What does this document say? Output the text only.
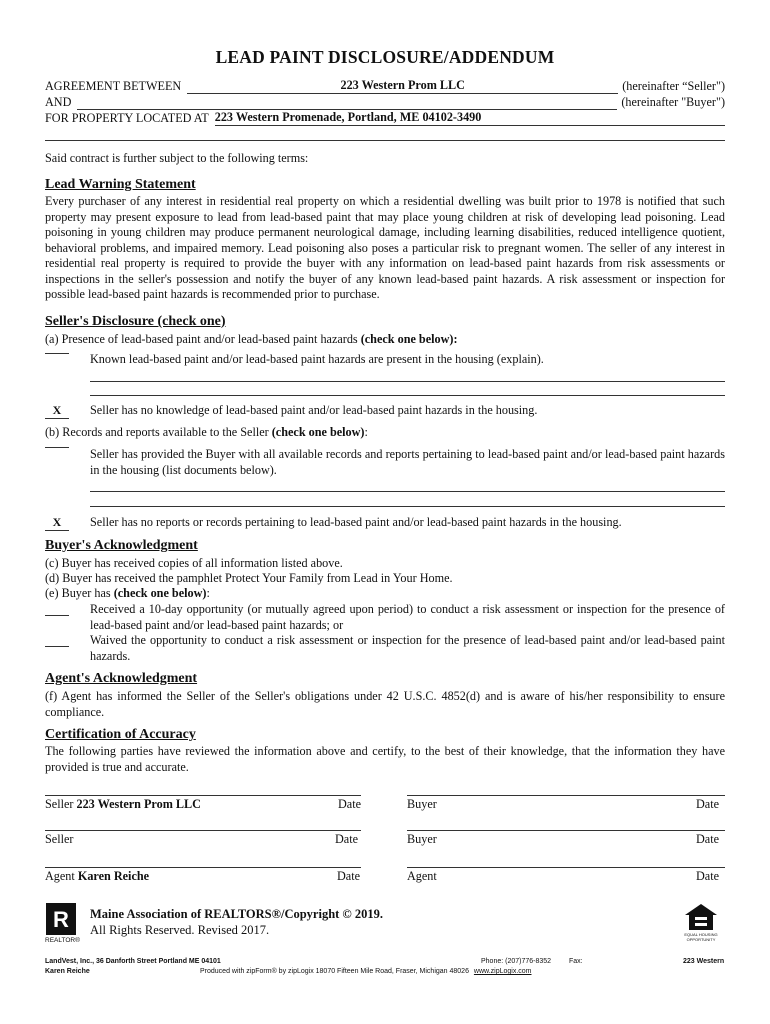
LEAD PAINT DISCLOSURE/ADDENDUM
AGREEMENT BETWEEN	223 Western Prom LLC	(hereinafter “Seller")
AND	(hereinafter "Buyer")
FOR PROPERTY LOCATED AT 223 Western Promenade, Portland, ME 04102-3490
Said contract is further subject to the following terms:
Lead Warning Statement
Every purchaser of any interest in residential real property on which a residential dwelling was built prior to 1978 is notified that such property may present exposure to lead from lead-based paint that may place young children at risk of developing lead poisoning. Lead poisoning in young children may produce permanent neurological damage, including learning disabilities, reduced intelligence quotient, behavioral problems, and impaired memory. Lead poisoning also poses a particular risk to pregnant women. The seller of any interest in residential real property is required to provide the buyer with any information on lead-based paint hazards from risk assessments or inspections in the seller's possession and notify the buyer of any known lead-based paint hazards. A risk assessment or inspection for possible lead-based paint hazards is recommended prior to purchase.
Seller's Disclosure (check one)
(a) Presence of lead-based paint and/or lead-based paint hazards (check one below):
Known lead-based paint and/or lead-based paint hazards are present in the housing (explain).
X	Seller has no knowledge of lead-based paint and/or lead-based paint hazards in the housing.
(b) Records and reports available to the Seller (check one below):
Seller has provided the Buyer with all available records and reports pertaining to lead-based paint and/or lead-based paint hazards in the housing (list documents below).
X	Seller has no reports or records pertaining to lead-based paint and/or lead-based paint hazards in the housing.
Buyer's Acknowledgment
(c) Buyer has received copies of all information listed above.
(d) Buyer has received the pamphlet Protect Your Family from Lead in Your Home.
(e) Buyer has (check one below):
Received a 10-day opportunity (or mutually agreed upon period) to conduct a risk assessment or inspection for the presence of lead-based paint and/or lead-based paint hazards; or
Waived the opportunity to conduct a risk assessment or inspection for the presence of lead-based paint and/or lead-based paint hazards.
Agent's Acknowledgment
(f) Agent has informed the Seller of the Seller's obligations under 42 U.S.C. 4852(d) and is aware of his/her responsibility to ensure compliance.
Certification of Accuracy
The following parties have reviewed the information above and certify, to the best of their knowledge, that the information they have provided is true and accurate.
Seller 223 Western Prom LLC	Date	Buyer	Date
Seller	Date	Buyer	Date
Agent Karen Reiche	Date	Agent	Date
R
REALTOR®
Maine Association of REALTORS®/Copyright © 2019.
All Rights Reserved. Revised 2017.	EQUAL HOUSING OPPORTUNITY
LandVest, Inc., 36 Danforth Street Portland ME 04101	Phone: (207)776-8352	Fax:	223 Western
Karen Reiche	Produced with zipForm® by zipLogix 18070 Fifteen Mile Road, Fraser, Michigan 48026 www.zipLogix.com
